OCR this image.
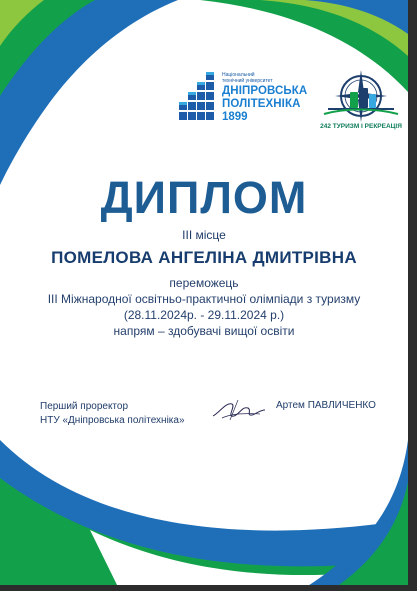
Національний
технічний університет
ДНІПРОВСЬКА
ПОЛІТЕХНІКА
1899
242 ТУРИЗМ І РЕКРЕАЦІЯ
ДИПЛОМ
ІІІ місце
ПОМЕЛОВА АНГЕЛІНА ДМИТРІВНА
переможець
ІІІ Міжнародної освітньо-практичної олімпіади з туризму
(28.11.2024р. - 29.11.2024 р.)
напрям – здобувачі вищої освіти
Перший проректор
НТУ «Дніпровська політехніка»
Артем ПАВЛИЧЕНКО
